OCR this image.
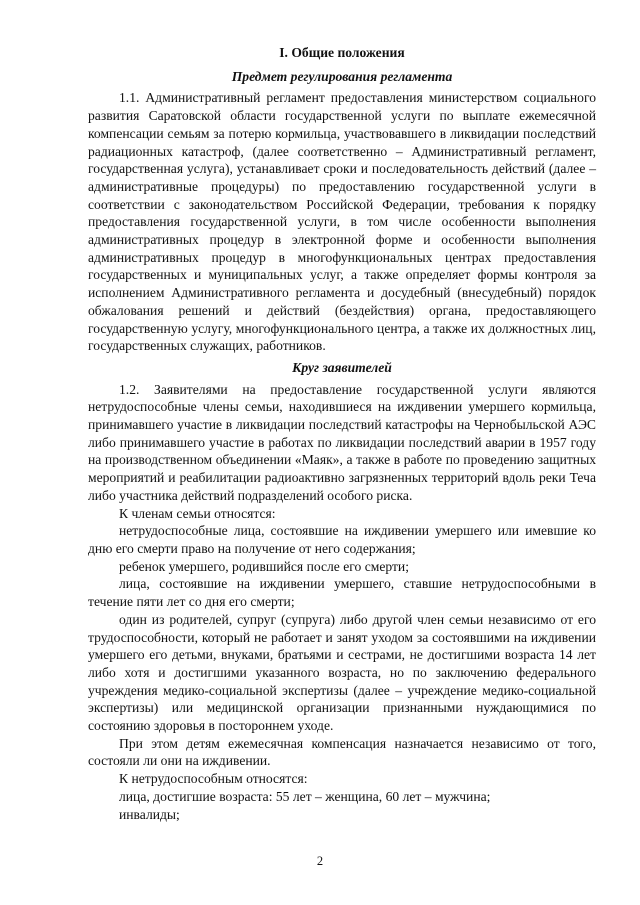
I. Общие положения
Предмет регулирования регламента

1.1. Административный регламент предоставления министерством социального развития Саратовской области государственной услуги по выплате ежемесячной компенсации семьям за потерю кормильца, участвовавшего в ликвидации последствий радиационных катастроф, (далее соответственно – Административный регламент, государственная услуга), устанавливает сроки и последовательность действий (далее – административные процедуры) по предоставлению государственной услуги в соответствии с законодательством Российской Федерации, требования к порядку предоставления государственной услуги, в том числе особенности выполнения административных процедур в электронной форме и особенности выполнения административных процедур в многофункциональных центрах предоставления государственных и муниципальных услуг, а также определяет формы контроля за исполнением Административного регламента и досудебный (внесудебный) порядок обжалования решений и действий (бездействия) органа, предоставляющего государственную услугу, многофункционального центра, а также их должностных лиц, государственных служащих, работников.

Круг заявителей

1.2. Заявителями на предоставление государственной услуги являются нетрудоспособные члены семьи, находившиеся на иждивении умершего кормильца, принимавшего участие в ликвидации последствий катастрофы на Чернобыльской АЭС либо принимавшего участие в работах по ликвидации последствий аварии в 1957 году на производственном объединении «Маяк», а также в работе по проведению защитных мероприятий и реабилитации радиоактивно загрязненных территорий вдоль реки Теча либо участника действий подразделений особого риска.

К членам семьи относятся:

нетрудоспособные лица, состоявшие на иждивении умершего или имевшие ко дню его смерти право на получение от него содержания;

ребенок умершего, родившийся после его смерти;

лица, состоявшие на иждивении умершего, ставшие нетрудоспособными в течение пяти лет со дня его смерти;

один из родителей, супруг (супруга) либо другой член семьи независимо от его трудоспособности, который не работает и занят уходом за состоявшими на иждивении умершего его детьми, внуками, братьями и сестрами, не достигшими возраста 14 лет либо хотя и достигшими указанного возраста, но по заключению федерального учреждения медико-социальной экспертизы (далее – учреждение медико-социальной экспертизы) или медицинской организации признанными нуждающимися по состоянию здоровья в постороннем уходе.

При этом детям ежемесячная компенсация назначается независимо от того, состояли ли они на иждивении.

К нетрудоспособным относятся:

лица, достигшие возраста: 55 лет – женщина, 60 лет – мужчина;

инвалиды;

2
